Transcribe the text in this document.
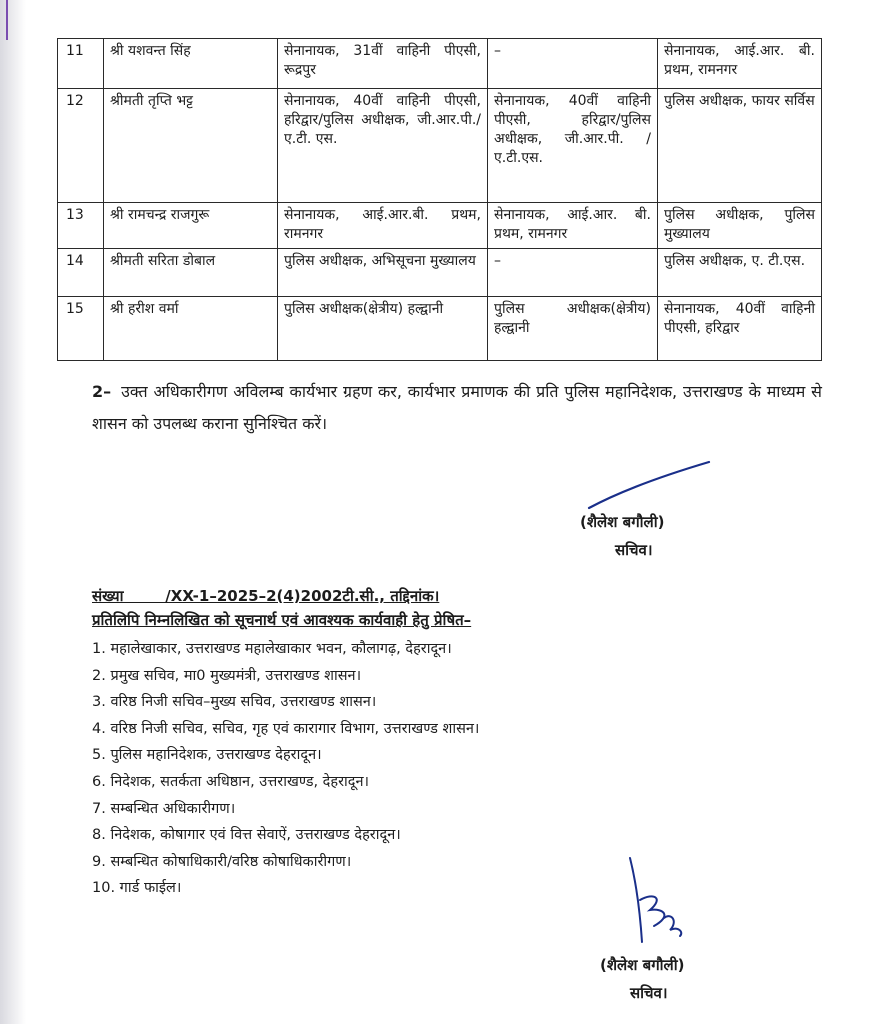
11	श्री यशवन्त सिंह	सेनानायक, 31वीं वाहिनी पीएसी, रूद्रपुर	–	सेनानायक, आई.आर. बी. प्रथम, रामनगर
12	श्रीमती तृप्ति भट्ट	सेनानायक, 40वीं वाहिनी पीएसी, हरिद्वार/पुलिस अधीक्षक, जी.आर.पी./ए.टी. एस.	सेनानायक, 40वीं वाहिनी पीएसी, हरिद्वार/पुलिस अधीक्षक, जी.आर.पी. /ए.टी.एस.	पुलिस अधीक्षक, फायर सर्विस
13	श्री रामचन्द्र राजगुरू	सेनानायक, आई.आर.बी. प्रथम, रामनगर	सेनानायक, आई.आर. बी. प्रथम, रामनगर	पुलिस अधीक्षक, पुलिस मुख्यालय
14	श्रीमती सरिता डोबाल	पुलिस अधीक्षक, अभिसूचना मुख्यालय	–	पुलिस अधीक्षक, ए. टी.एस.
15	श्री हरीश वर्मा	पुलिस अधीक्षक(क्षेत्रीय) हल्द्वानी	पुलिस अधीक्षक(क्षेत्रीय) हल्द्वानी	सेनानायक, 40वीं वाहिनी पीएसी, हरिद्वार
2– उक्त अधिकारीगण अविलम्ब कार्यभार ग्रहण कर, कार्यभार प्रमाणक की प्रति पुलिस महानिदेशक, उत्तराखण्ड के माध्यम से शासन को उपलब्ध कराना सुनिश्चित करें।
(शैलेश बगौली)
सचिव।
संख्या        /XX-1–2025–2(4)2002टी.सी., तद्दिनांक।
प्रतिलिपि निम्नलिखित को सूचनार्थ एवं आवश्यक कार्यवाही हेतु प्रेषित–
1. महालेखाकार, उत्तराखण्ड महालेखाकार भवन, कौलागढ़, देहरादून।
2. प्रमुख सचिव, मा0 मुख्यमंत्री, उत्तराखण्ड शासन।
3. वरिष्ठ निजी सचिव–मुख्य सचिव, उत्तराखण्ड शासन।
4. वरिष्ठ निजी सचिव, सचिव, गृह एवं कारागार विभाग, उत्तराखण्ड शासन।
5. पुलिस महानिदेशक, उत्तराखण्ड देहरादून।
6. निदेशक, सतर्कता अधिष्ठान, उत्तराखण्ड, देहरादून।
7. सम्बन्धित अधिकारीगण।
8. निदेशक, कोषागार एवं वित्त सेवाऐं, उत्तराखण्ड देहरादून।
9. सम्बन्धित कोषाधिकारी/वरिष्ठ कोषाधिकारीगण।
10. गार्ड फाईल।
(शैलेश बगौली)
सचिव।
